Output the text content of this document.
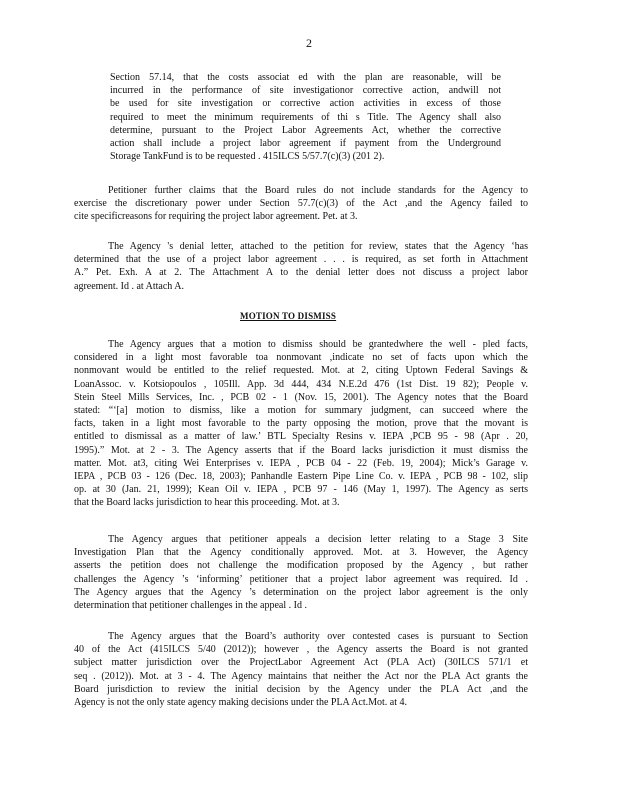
2
Section 57.14, that the costs associat ed with the plan are reasonable, will be
incurred in the performance of site investigationor corrective action, andwill not
be used for site investigation or corrective action activities in excess of those
required to meet the minimum requirements of thi s Title. The Agency shall also
determine, pursuant to the Project Labor Agreements Act, whether the corrective
action shall include a project labor agreement if payment from the Underground
Storage TankFund is to be requested . 415ILCS 5/57.7(c)(3) (201 2).
Petitioner further claims that the Board rules do not include standards for the Agency to
exercise the discretionary power under Section 57.7(c)(3) of the Act ,and the Agency failed to
cite specificreasons for requiring the project labor agreement. Pet. at 3.
The Agency 's denial letter, attached to the petition for review, states that the Agency ‘has
determined that the use of a project labor agreement . . . is required, as set forth in Attachment
A.” Pet. Exh. A at 2. The Attachment A to the denial letter does not discuss a project labor
agreement. Id . at Attach A.
MOTION TO DISMISS
The Agency argues that a motion to dismiss should be grantedwhere the well - pled facts,
considered in a light most favorable toa nonmovant ,indicate no set of facts upon which the
nonmovant would be entitled to the relief requested. Mot. at 2, citing Uptown Federal Savings &
LoanAssoc. v. Kotsiopoulos , 105Ill. App. 3d 444, 434 N.E.2d 476 (1st Dist. 19 82); People v.
Stein Steel Mills Services, Inc. , PCB 02 - 1 (Nov. 15, 2001). The Agency notes that the Board
stated: “‘[a] motion to dismiss, like a motion for summary judgment, can succeed where the
facts, taken in a light most favorable to the party opposing the motion, prove that the movant is
entitled to dismissal as a matter of law.’ BTL Specialty Resins v. IEPA ,PCB 95 - 98 (Apr . 20,
1995).” Mot. at 2 - 3. The Agency asserts that if the Board lacks jurisdiction it must dismiss the
matter. Mot. at3, citing Wei Enterprises v. IEPA , PCB 04 - 22 (Feb. 19, 2004); Mick’s Garage v.
IEPA , PCB 03 - 126 (Dec. 18, 2003); Panhandle Eastern Pipe Line Co. v. IEPA , PCB 98 - 102, slip
op. at 30 (Jan. 21, 1999); Kean Oil v. IEPA , PCB 97 - 146 (May 1, 1997). The Agency as serts
that the Board lacks jurisdiction to hear this proceeding. Mot. at 3.
The Agency argues that petitioner appeals a decision letter relating to a Stage 3 Site
Investigation Plan that the Agency conditionally approved. Mot. at 3. However, the Agency
asserts the petition does not challenge the modification proposed by the Agency , but rather
challenges the Agency ’s ‘informing’ petitioner that a project labor agreement was required. Id .
The Agency argues that the Agency ’s determination on the project labor agreement is the only
determination that petitioner challenges in the appeal . Id .
The Agency argues that the Board’s authority over contested cases is pursuant to Section
40 of the Act (415ILCS 5/40 (2012)); however , the Agency asserts the Board is not granted
subject matter jurisdiction over the ProjectLabor Agreement Act (PLA Act) (30ILCS 571/1 et
seq . (2012)). Mot. at 3 - 4. The Agency maintains that neither the Act nor the PLA Act grants the
Board jurisdiction to review the initial decision by the Agency under the PLA Act ,and the
Agency is not the only state agency making decisions under the PLA Act.Mot. at 4.
